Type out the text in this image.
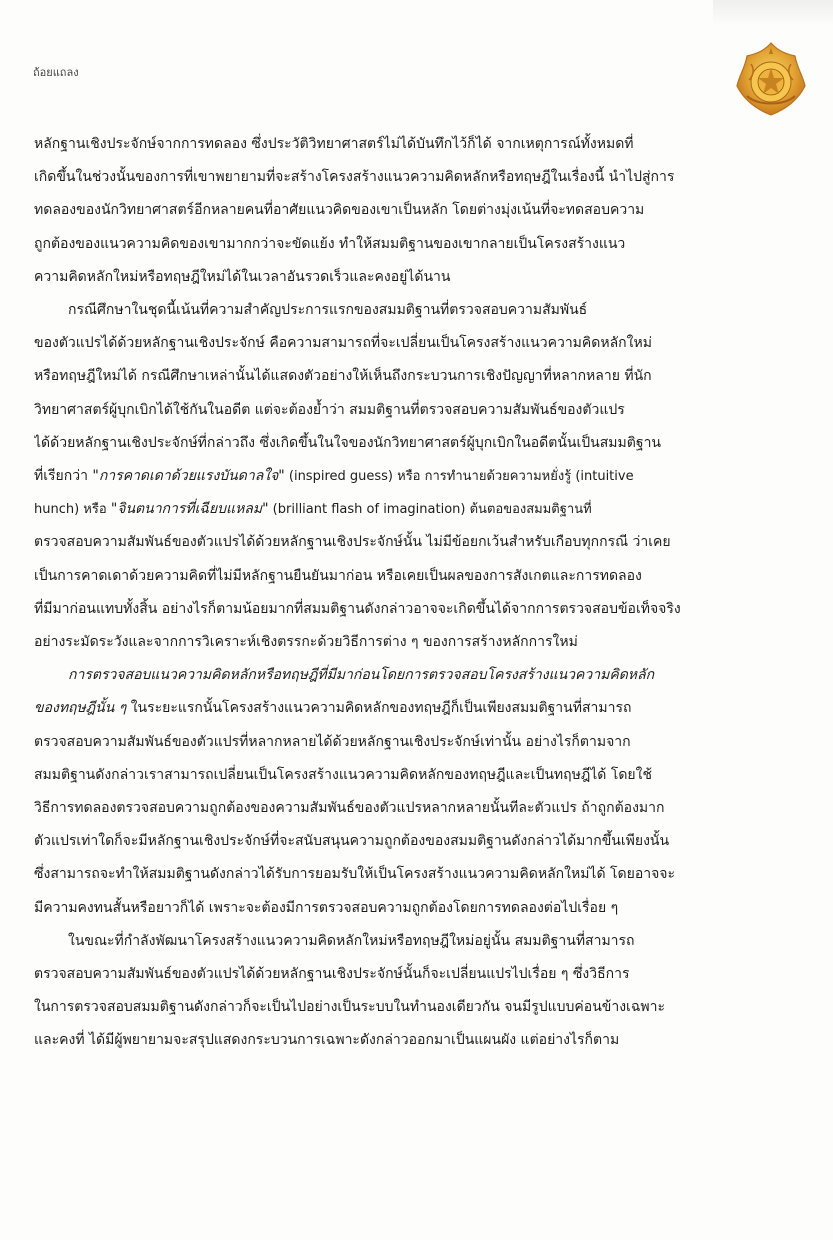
ถ้อยแถลง
หลักฐานเชิงประจักษ์จากการทดลอง ซึ่งประวัติวิทยาศาสตร์ไม่ได้บันทึกไว้ก็ได้ จากเหตุการณ์ทั้งหมดที่
เกิดขึ้นในช่วงนั้นของการที่เขาพยายามที่จะสร้างโครงสร้างแนวความคิดหลักหรือทฤษฎีในเรื่องนี้ นำไปสู่การ
ทดลองของนักวิทยาศาสตร์อีกหลายคนที่อาศัยแนวคิดของเขาเป็นหลัก โดยต่างมุ่งเน้นที่จะทดสอบความ
ถูกต้องของแนวความคิดของเขามากกว่าจะขัดแย้ง ทำให้สมมติฐานของเขากลายเป็นโครงสร้างแนว
ความคิดหลักใหม่หรือทฤษฎีใหม่ได้ในเวลาอันรวดเร็วและคงอยู่ได้นาน
กรณีศึกษาในชุดนี้เน้นที่ความสำคัญประการแรกของสมมติฐานที่ตรวจสอบความสัมพันธ์
ของตัวแปรได้ด้วยหลักฐานเชิงประจักษ์ คือความสามารถที่จะเปลี่ยนเป็นโครงสร้างแนวความคิดหลักใหม่
หรือทฤษฎีใหม่ได้ กรณีศึกษาเหล่านั้นได้แสดงตัวอย่างให้เห็นถึงกระบวนการเชิงปัญญาที่หลากหลาย ที่นัก
วิทยาศาสตร์ผู้บุกเบิกได้ใช้กันในอดีต แต่จะต้องย้ำว่า สมมติฐานที่ตรวจสอบความสัมพันธ์ของตัวแปร
ได้ด้วยหลักฐานเชิงประจักษ์ที่กล่าวถึง ซึ่งเกิดขึ้นในใจของนักวิทยาศาสตร์ผู้บุกเบิกในอดีตนั้นเป็นสมมติฐาน
ที่เรียกว่า "การคาดเดาด้วยแรงบันดาลใจ" (inspired guess) หรือ การทำนายด้วยความหยั่งรู้ (intuitive
hunch) หรือ "จินตนาการที่เฉียบแหลม" (brilliant flash of imagination) ต้นตอของสมมติฐานที่
ตรวจสอบความสัมพันธ์ของตัวแปรได้ด้วยหลักฐานเชิงประจักษ์นั้น ไม่มีข้อยกเว้นสำหรับเกือบทุกกรณี ว่าเคย
เป็นการคาดเดาด้วยความคิดที่ไม่มีหลักฐานยืนยันมาก่อน หรือเคยเป็นผลของการสังเกตและการทดลอง
ที่มีมาก่อนแทบทั้งสิ้น อย่างไรก็ตามน้อยมากที่สมมติฐานดังกล่าวอาจจะเกิดขึ้นได้จากการตรวจสอบข้อเท็จจริง
อย่างระมัดระวังและจากการวิเคราะห์เชิงตรรกะด้วยวิธีการต่าง ๆ ของการสร้างหลักการใหม่
การตรวจสอบแนวความคิดหลักหรือทฤษฎีที่มีมาก่อนโดยการตรวจสอบโครงสร้างแนวความคิดหลัก
ของทฤษฎีนั้น ๆ ในระยะแรกนั้นโครงสร้างแนวความคิดหลักของทฤษฎีก็เป็นเพียงสมมติฐานที่สามารถ
ตรวจสอบความสัมพันธ์ของตัวแปรที่หลากหลายได้ด้วยหลักฐานเชิงประจักษ์เท่านั้น อย่างไรก็ตามจาก
สมมติฐานดังกล่าวเราสามารถเปลี่ยนเป็นโครงสร้างแนวความคิดหลักของทฤษฎีและเป็นทฤษฎีได้ โดยใช้
วิธีการทดลองตรวจสอบความถูกต้องของความสัมพันธ์ของตัวแปรหลากหลายนั้นทีละตัวแปร ถ้าถูกต้องมาก
ตัวแปรเท่าใดก็จะมีหลักฐานเชิงประจักษ์ที่จะสนับสนุนความถูกต้องของสมมติฐานดังกล่าวได้มากขึ้นเพียงนั้น
ซึ่งสามารถจะทำให้สมมติฐานดังกล่าวได้รับการยอมรับให้เป็นโครงสร้างแนวความคิดหลักใหม่ได้ โดยอาจจะ
มีความคงทนสั้นหรือยาวก็ได้ เพราะจะต้องมีการตรวจสอบความถูกต้องโดยการทดลองต่อไปเรื่อย ๆ
ในขณะที่กำลังพัฒนาโครงสร้างแนวความคิดหลักใหม่หรือทฤษฎีใหม่อยู่นั้น สมมติฐานที่สามารถ
ตรวจสอบความสัมพันธ์ของตัวแปรได้ด้วยหลักฐานเชิงประจักษ์นั้นก็จะเปลี่ยนแปรไปเรื่อย ๆ ซึ่งวิธีการ
ในการตรวจสอบสมมติฐานดังกล่าวก็จะเป็นไปอย่างเป็นระบบในทำนองเดียวกัน จนมีรูปแบบค่อนข้างเฉพาะ
และคงที่ ได้มีผู้พยายามจะสรุปแสดงกระบวนการเฉพาะดังกล่าวออกมาเป็นแผนผัง แต่อย่างไรก็ตาม
